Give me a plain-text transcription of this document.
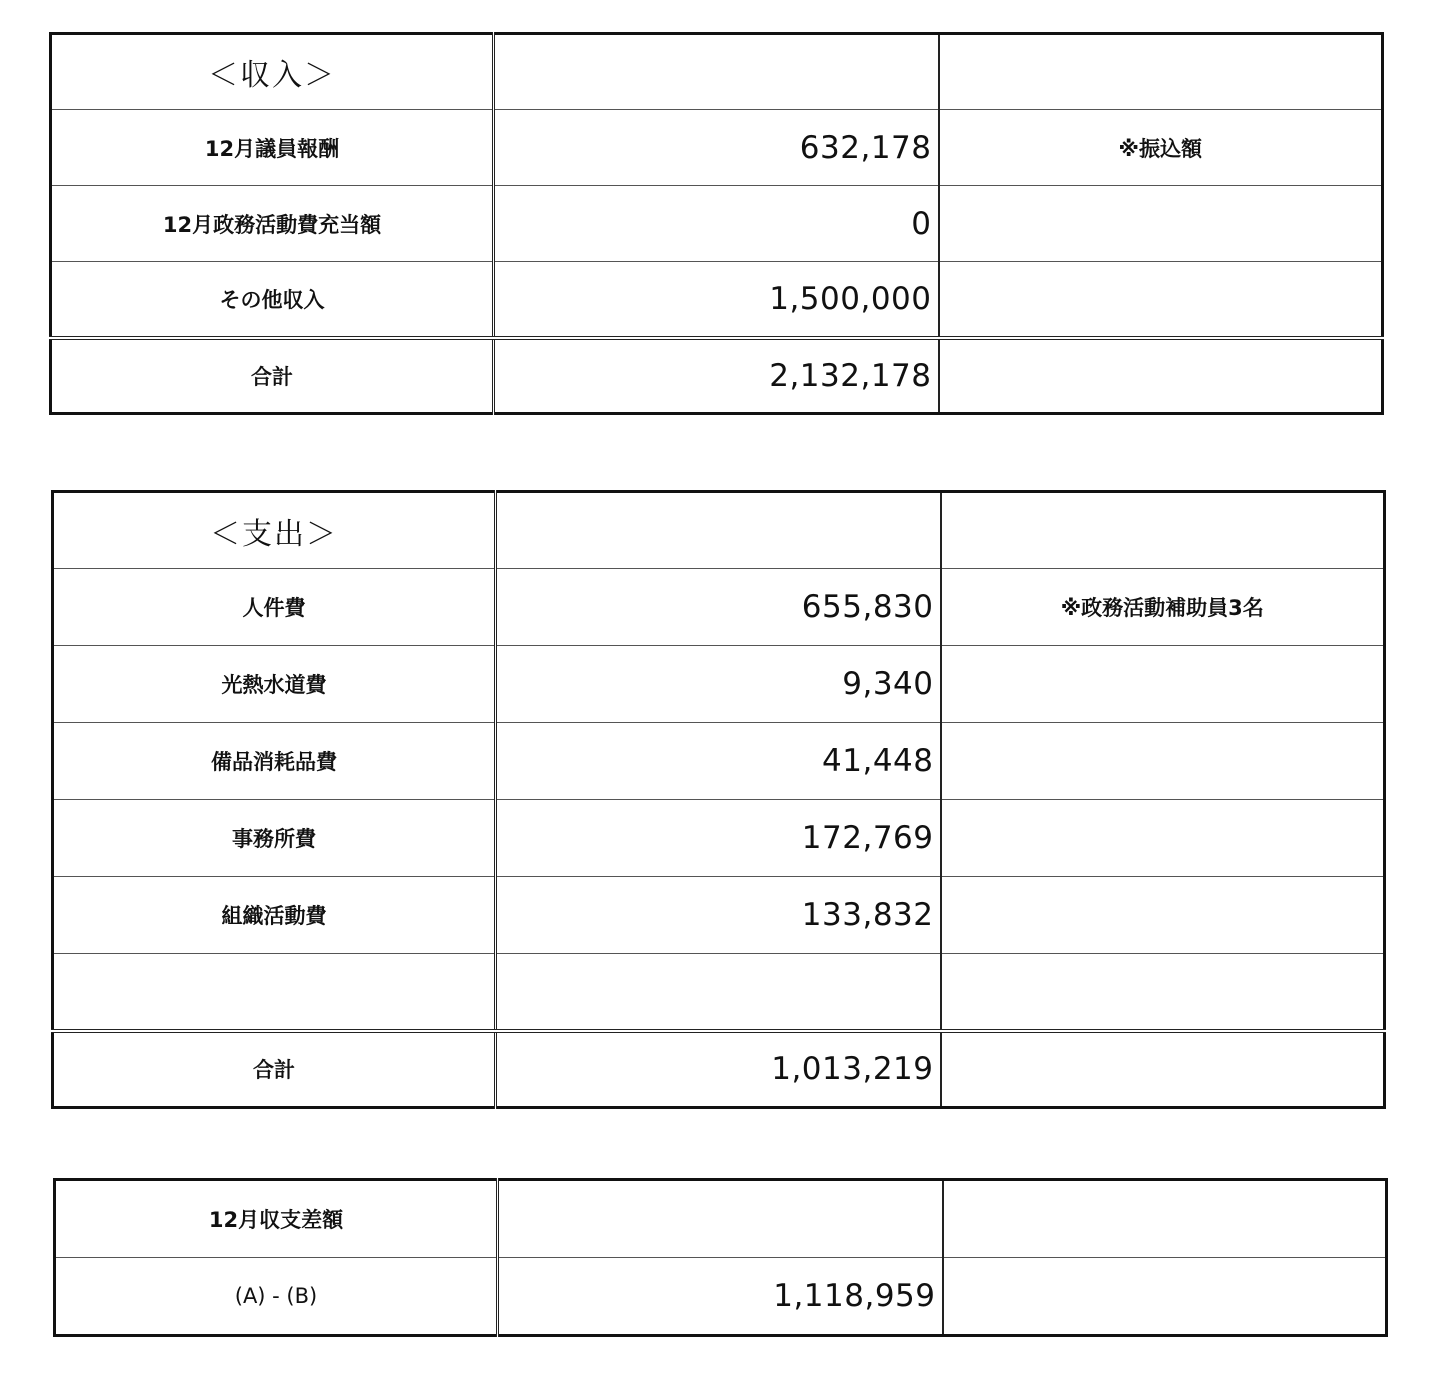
＜収入＞		
12月議員報酬	632,178	※振込額
12月政務活動費充当額	0	
その他収入	1,500,000	
合計	2,132,178	
＜支出＞		
人件費	655,830	※政務活動補助員3名
光熱水道費	9,340	
備品消耗品費	41,448	
事務所費	172,769	
組織活動費	133,832	

合計	1,013,219	
12月収支差額		
(A) - (B)	1,118,959	
